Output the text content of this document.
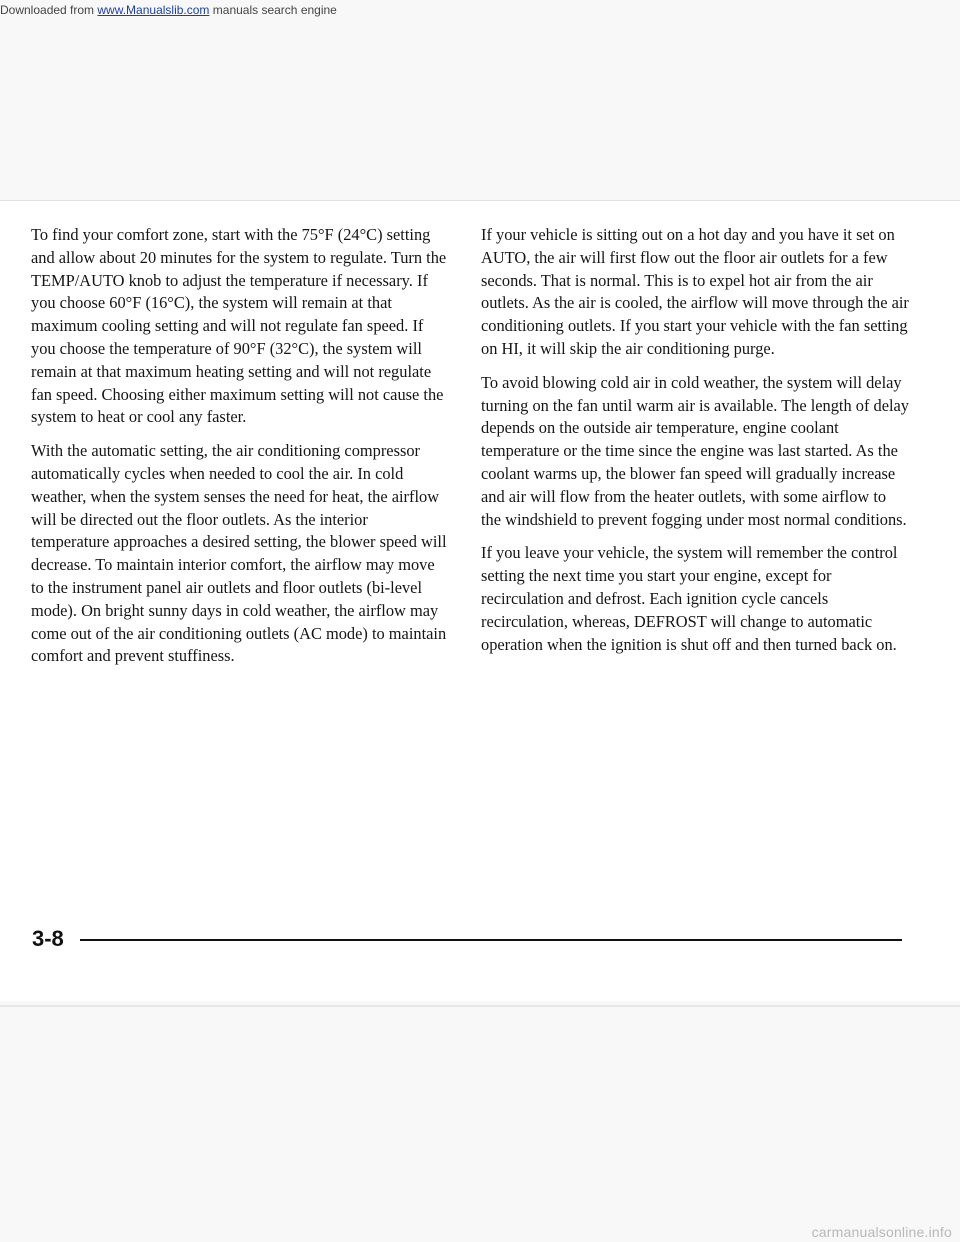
Downloaded from www.Manualslib.com manuals search engine

To find your comfort zone, start with the 75°F (24°C) setting and allow about 20 minutes for the system to regulate. Turn the TEMP/AUTO knob to adjust the temperature if necessary. If you choose 60°F (16°C), the system will remain at that maximum cooling setting and will not regulate fan speed. If you choose the temperature of 90°F (32°C), the system will remain at that maximum heating setting and will not regulate fan speed. Choosing either maximum setting will not cause the system to heat or cool any faster.

With the automatic setting, the air conditioning compressor automatically cycles when needed to cool the air. In cold weather, when the system senses the need for heat, the airflow will be directed out the floor outlets. As the interior temperature approaches a desired setting, the blower speed will decrease. To maintain interior comfort, the airflow may move to the instrument panel air outlets and floor outlets (bi-level mode). On bright sunny days in cold weather, the airflow may come out of the air conditioning outlets (AC mode) to maintain comfort and prevent stuffiness.

If your vehicle is sitting out on a hot day and you have it set on AUTO, the air will first flow out the floor air outlets for a few seconds. That is normal. This is to expel hot air from the air outlets. As the air is cooled, the airflow will move through the air conditioning outlets. If you start your vehicle with the fan setting on HI, it will skip the air conditioning purge.

To avoid blowing cold air in cold weather, the system will delay turning on the fan until warm air is available. The length of delay depends on the outside air temperature, engine coolant temperature or the time since the engine was last started. As the coolant warms up, the blower fan speed will gradually increase and air will flow from the heater outlets, with some airflow to the windshield to prevent fogging under most normal conditions.

If you leave your vehicle, the system will remember the control setting the next time you start your engine, except for recirculation and defrost. Each ignition cycle cancels recirculation, whereas, DEFROST will change to automatic operation when the ignition is shut off and then turned back on.

3-8
carmanualsonline.info
